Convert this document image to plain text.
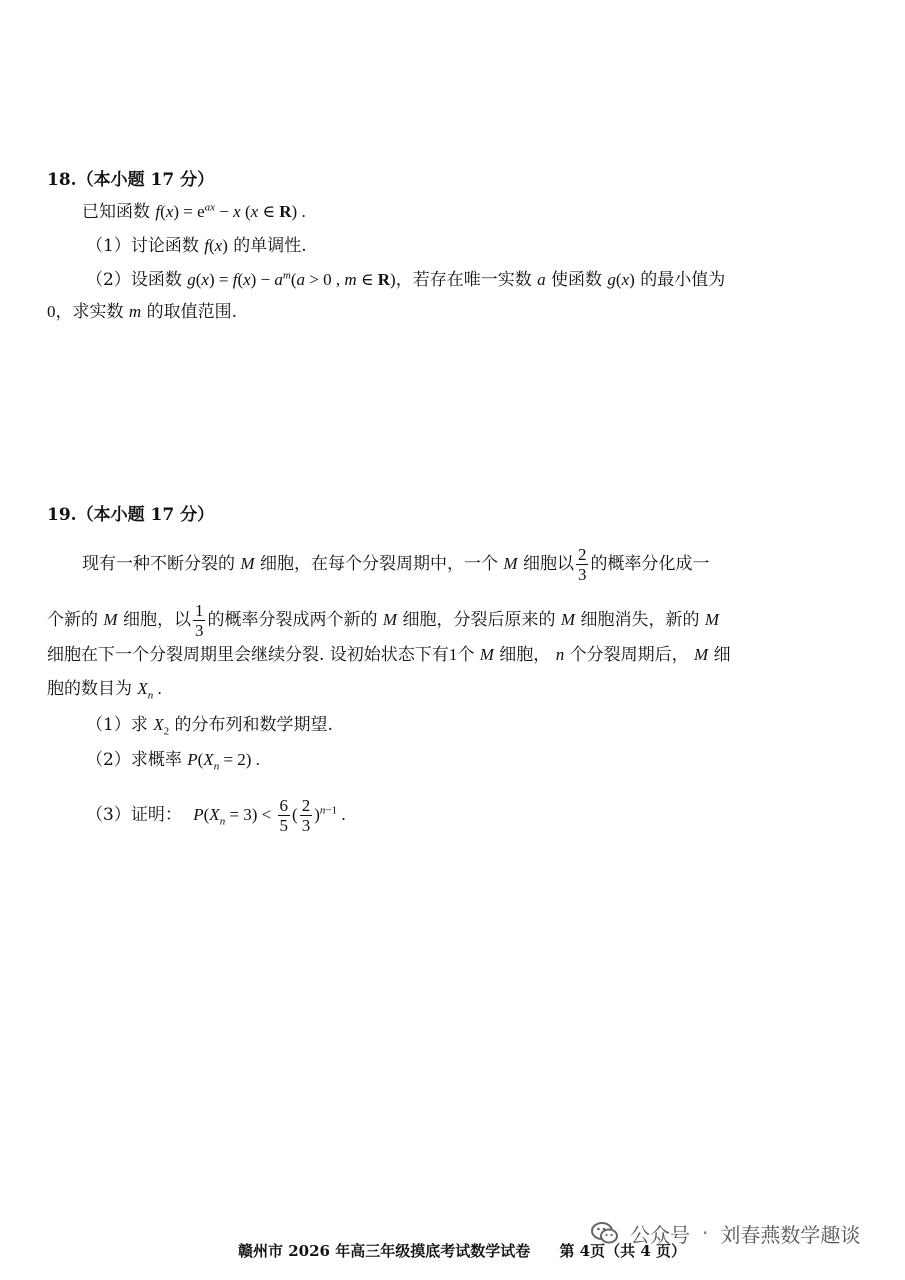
18.（本小题 17 分）
已知函数 $f(x) = e^{ax} - x$ (x ∈ R) .
（1）讨论函数 f(x) 的单调性.
（2）设函数 $g(x) = f(x) - a^m(a > 0$ , m ∈ R)，若存在唯一实数 a 使函数 g(x) 的最小值为
0，求实数 m 的取值范围.
19.（本小题 17 分）
现有一种不断分裂的 M 细胞，在每个分裂周期中，一个 M 细胞以 $\frac{2}{3}$ 的概率分化成一
个新的 M 细胞，以 $\frac{1}{3}$ 的概率分裂成两个新的 M 细胞，分裂后原来的 M 细胞消失，新的 M
细胞在下一个分裂周期里会继续分裂. 设初始状态下有1个 M 细胞， n 个分裂周期后， M 细
胞的数目为 $X_n$ .
（1）求 $X_2$ 的分布列和数学期望.
（2）求概率 $P(X_n = 2)$ .
（3）证明： $P(X_n = 3) < \frac{6}{5}$ ( $\frac{2}{3} )^{n-1}$ .
赣州市 2026 年高三年级摸底考试数学试卷 第 4页（共 4 页）
公众号 · 刘春燕数学趣谈
